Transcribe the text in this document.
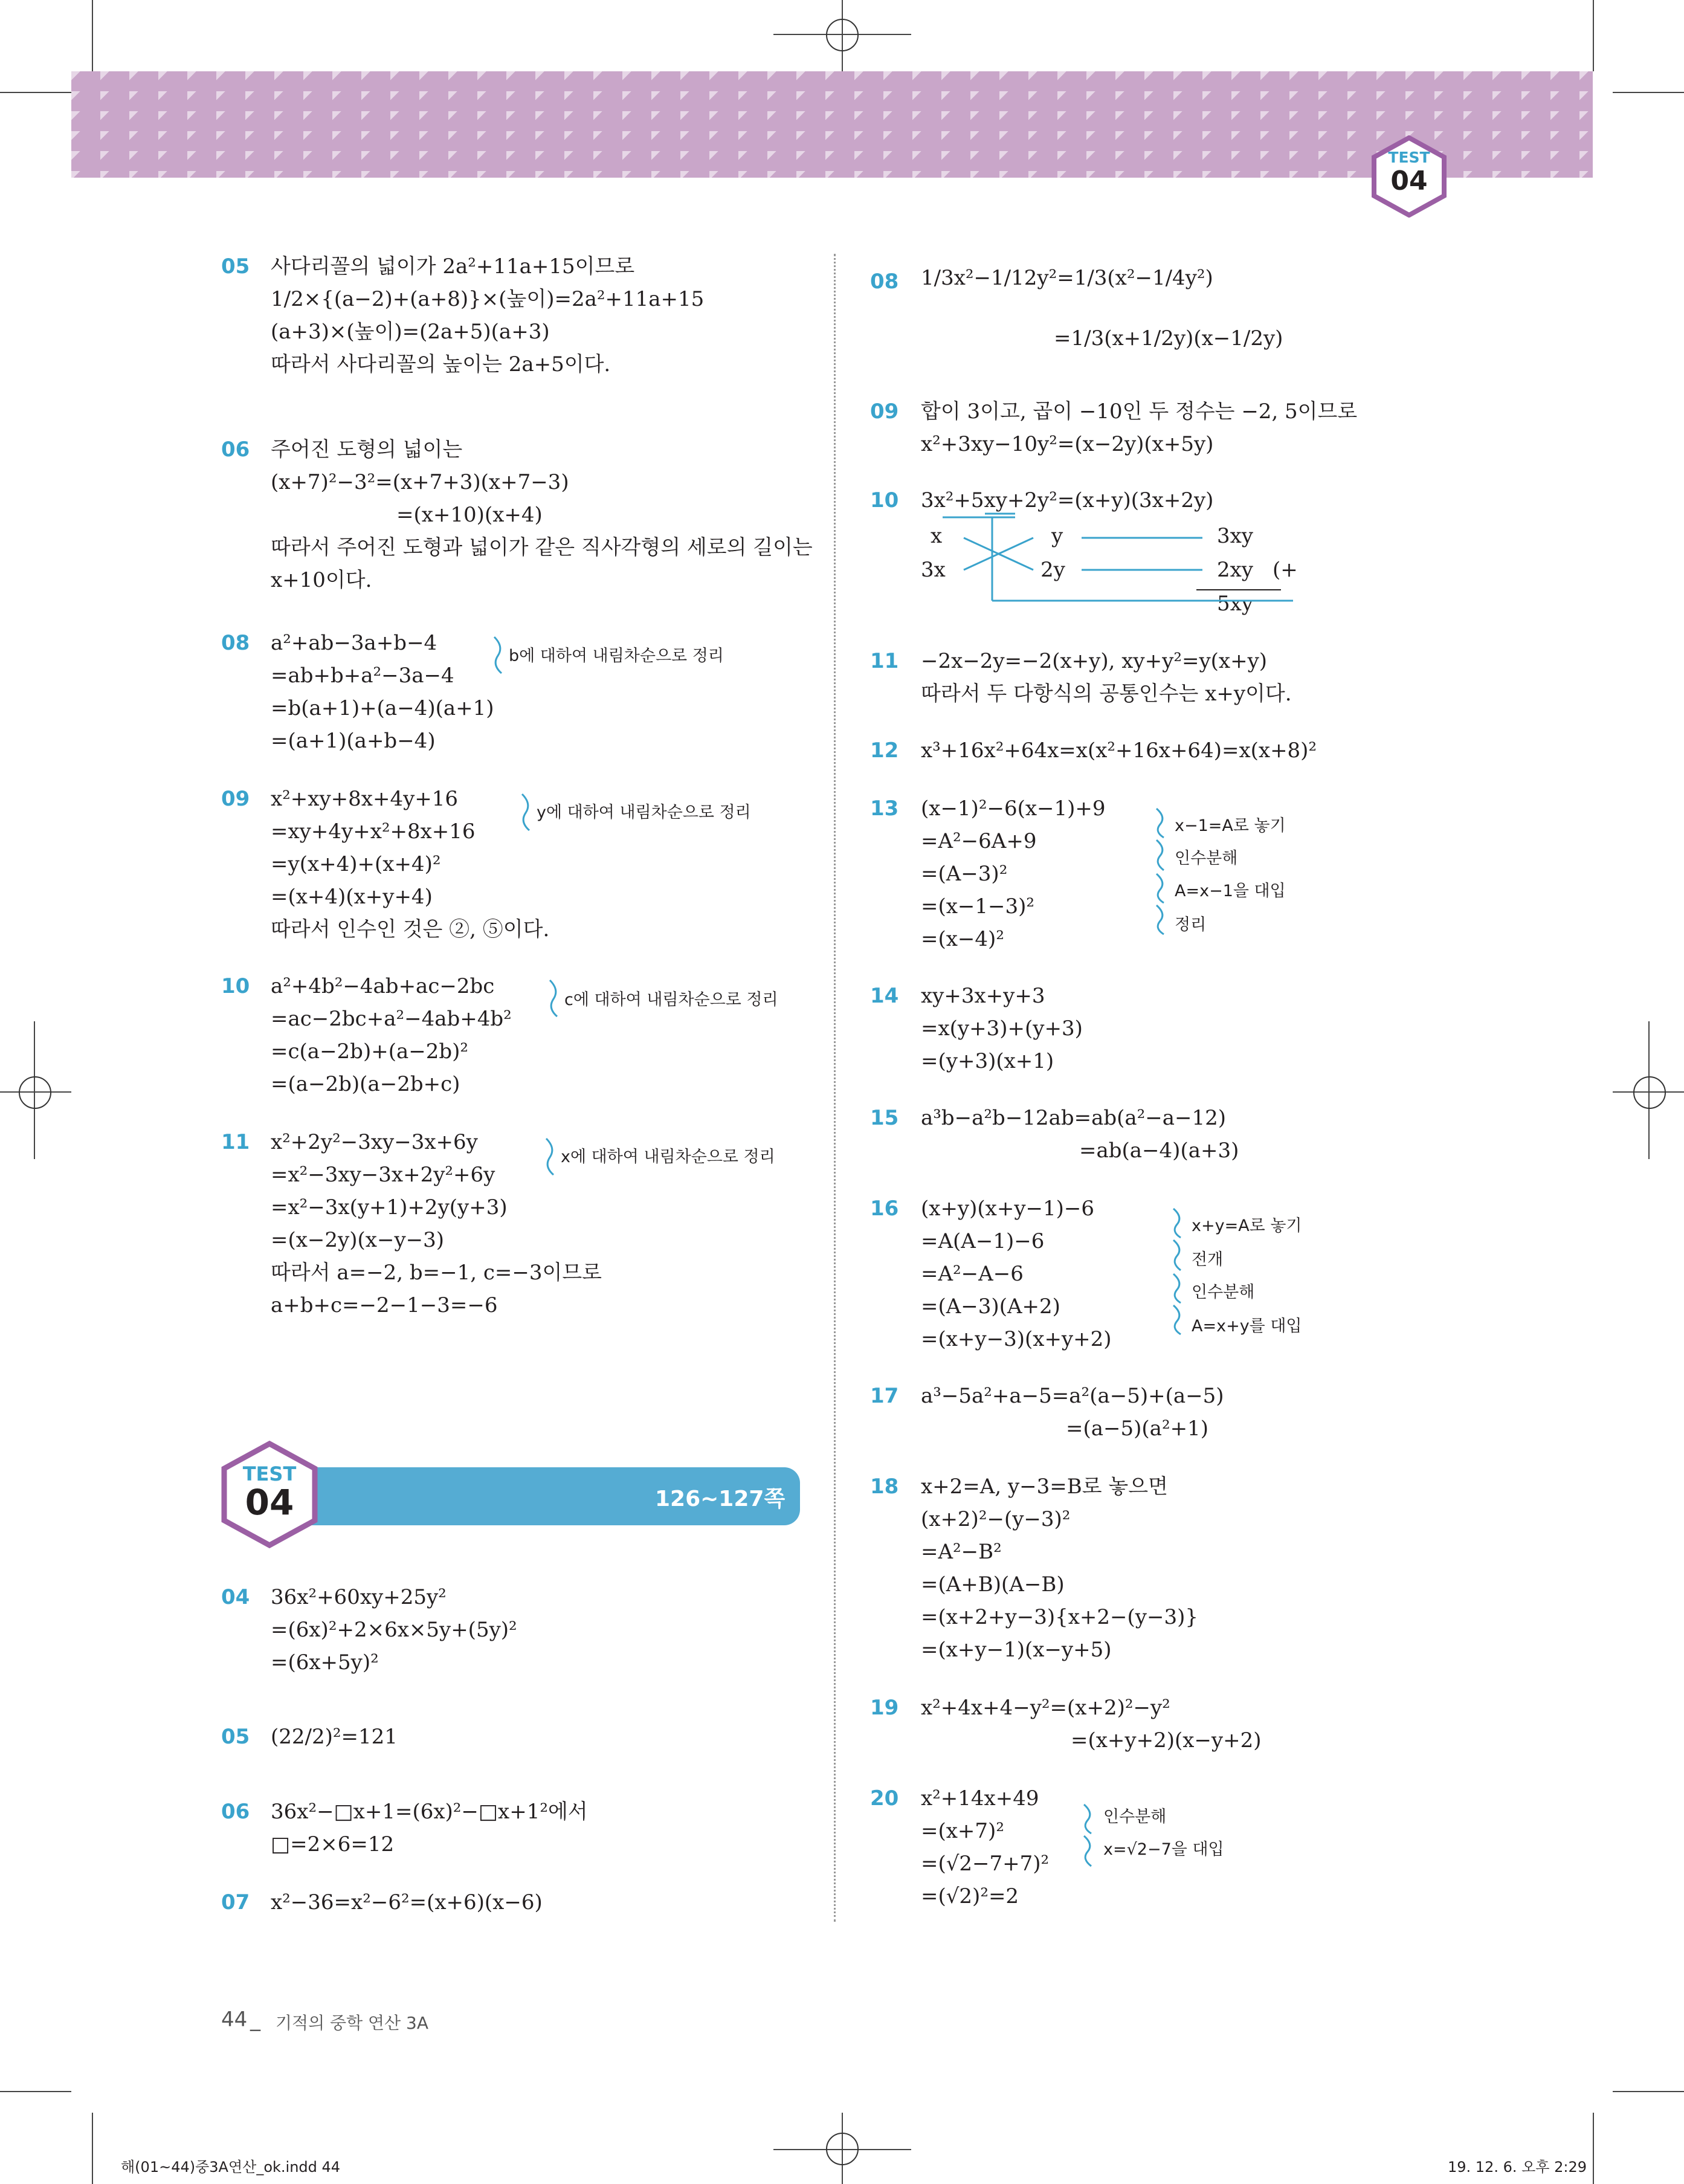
TEST
04
05 사다리꼴의 넓이가 2a²+11a+15이므로
1/2×{(a−2)+(a+8)}×(높이)=2a²+11a+15
(a+3)×(높이)=(2a+5)(a+3)
따라서 사다리꼴의 높이는 2a+5이다.
06 주어진 도형의 넓이는
(x+7)²−3²=(x+7+3)(x+7−3)
=(x+10)(x+4)
따라서 주어진 도형과 넓이가 같은 직사각형의 세로의 길이는
x+10이다.
08 a²+ab−3a+b−4
=ab+b+a²−3a−4
=b(a+1)+(a−4)(a+1)
=(a+1)(a+b−4)
b에 대하여 내림차순으로 정리
09 x²+xy+8x+4y+16
=xy+4y+x²+8x+16
=y(x+4)+(x+4)²
=(x+4)(x+y+4)
따라서 인수인 것은 ②, ⑤이다.
y에 대하여 내림차순으로 정리
10 a²+4b²−4ab+ac−2bc
=ac−2bc+a²−4ab+4b²
=c(a−2b)+(a−2b)²
=(a−2b)(a−2b+c)
c에 대하여 내림차순으로 정리
11 x²+2y²−3xy−3x+6y
=x²−3xy−3x+2y²+6y
=x²−3x(y+1)+2y(y+3)
=(x−2y)(x−y−3)
따라서 a=−2, b=−1, c=−3이므로
a+b+c=−2−1−3=−6
x에 대하여 내림차순으로 정리
126~127쪽
TEST
04
04 36x²+60xy+25y²
=(6x)²+2×6x×5y+(5y)²
=(6x+5y)²
05 (22/2)²=121
06 36x²−□x+1=(6x)²−□x+1²에서
□=2×6=12
07 x²−36=x²−6²=(x+6)(x−6)
08 1/3x²−1/12y²=1/3(x²−1/4y²)
=1/3(x+1/2y)(x−1/2y)
09 합이 3이고, 곱이 −10인 두 정수는 −2, 5이므로
x²+3xy−10y²=(x−2y)(x+5y)
10 3x²+5xy+2y²=(x+y)(3x+2y)
x	y	3xy
3x	2y	2xy (+
5xy
11 −2x−2y=−2(x+y), xy+y²=y(x+y)
따라서 두 다항식의 공통인수는 x+y이다.
12 x³+16x²+64x=x(x²+16x+64)=x(x+8)²
13 (x−1)²−6(x−1)+9
=A²−6A+9
=(A−3)²
=(x−1−3)²
=(x−4)²
x−1=A로 놓기
인수분해
A=x−1을 대입
정리
14 xy+3x+y+3
=x(y+3)+(y+3)
=(y+3)(x+1)
15 a³b−a²b−12ab=ab(a²−a−12)
=ab(a−4)(a+3)
16 (x+y)(x+y−1)−6
=A(A−1)−6
=A²−A−6
=(A−3)(A+2)
=(x+y−3)(x+y+2)
x+y=A로 놓기
전개
인수분해
A=x+y를 대입
17 a³−5a²+a−5=a²(a−5)+(a−5)
=(a−5)(a²+1)
18 x+2=A, y−3=B로 놓으면
(x+2)²−(y−3)²
=A²−B²
=(A+B)(A−B)
=(x+2+y−3){x+2−(y−3)}
=(x+y−1)(x−y+5)
19 x²+4x+4−y²=(x+2)²−y²
=(x+y+2)(x−y+2)
20 x²+14x+49
=(x+7)²
=(√2−7+7)²
=(√2)²=2
인수분해
x=√2−7을 대입
44 _ 기적의 중학 연산 3A
해(01~44)중3A연산_ok.indd 44	19. 12. 6. 오후 2:29
